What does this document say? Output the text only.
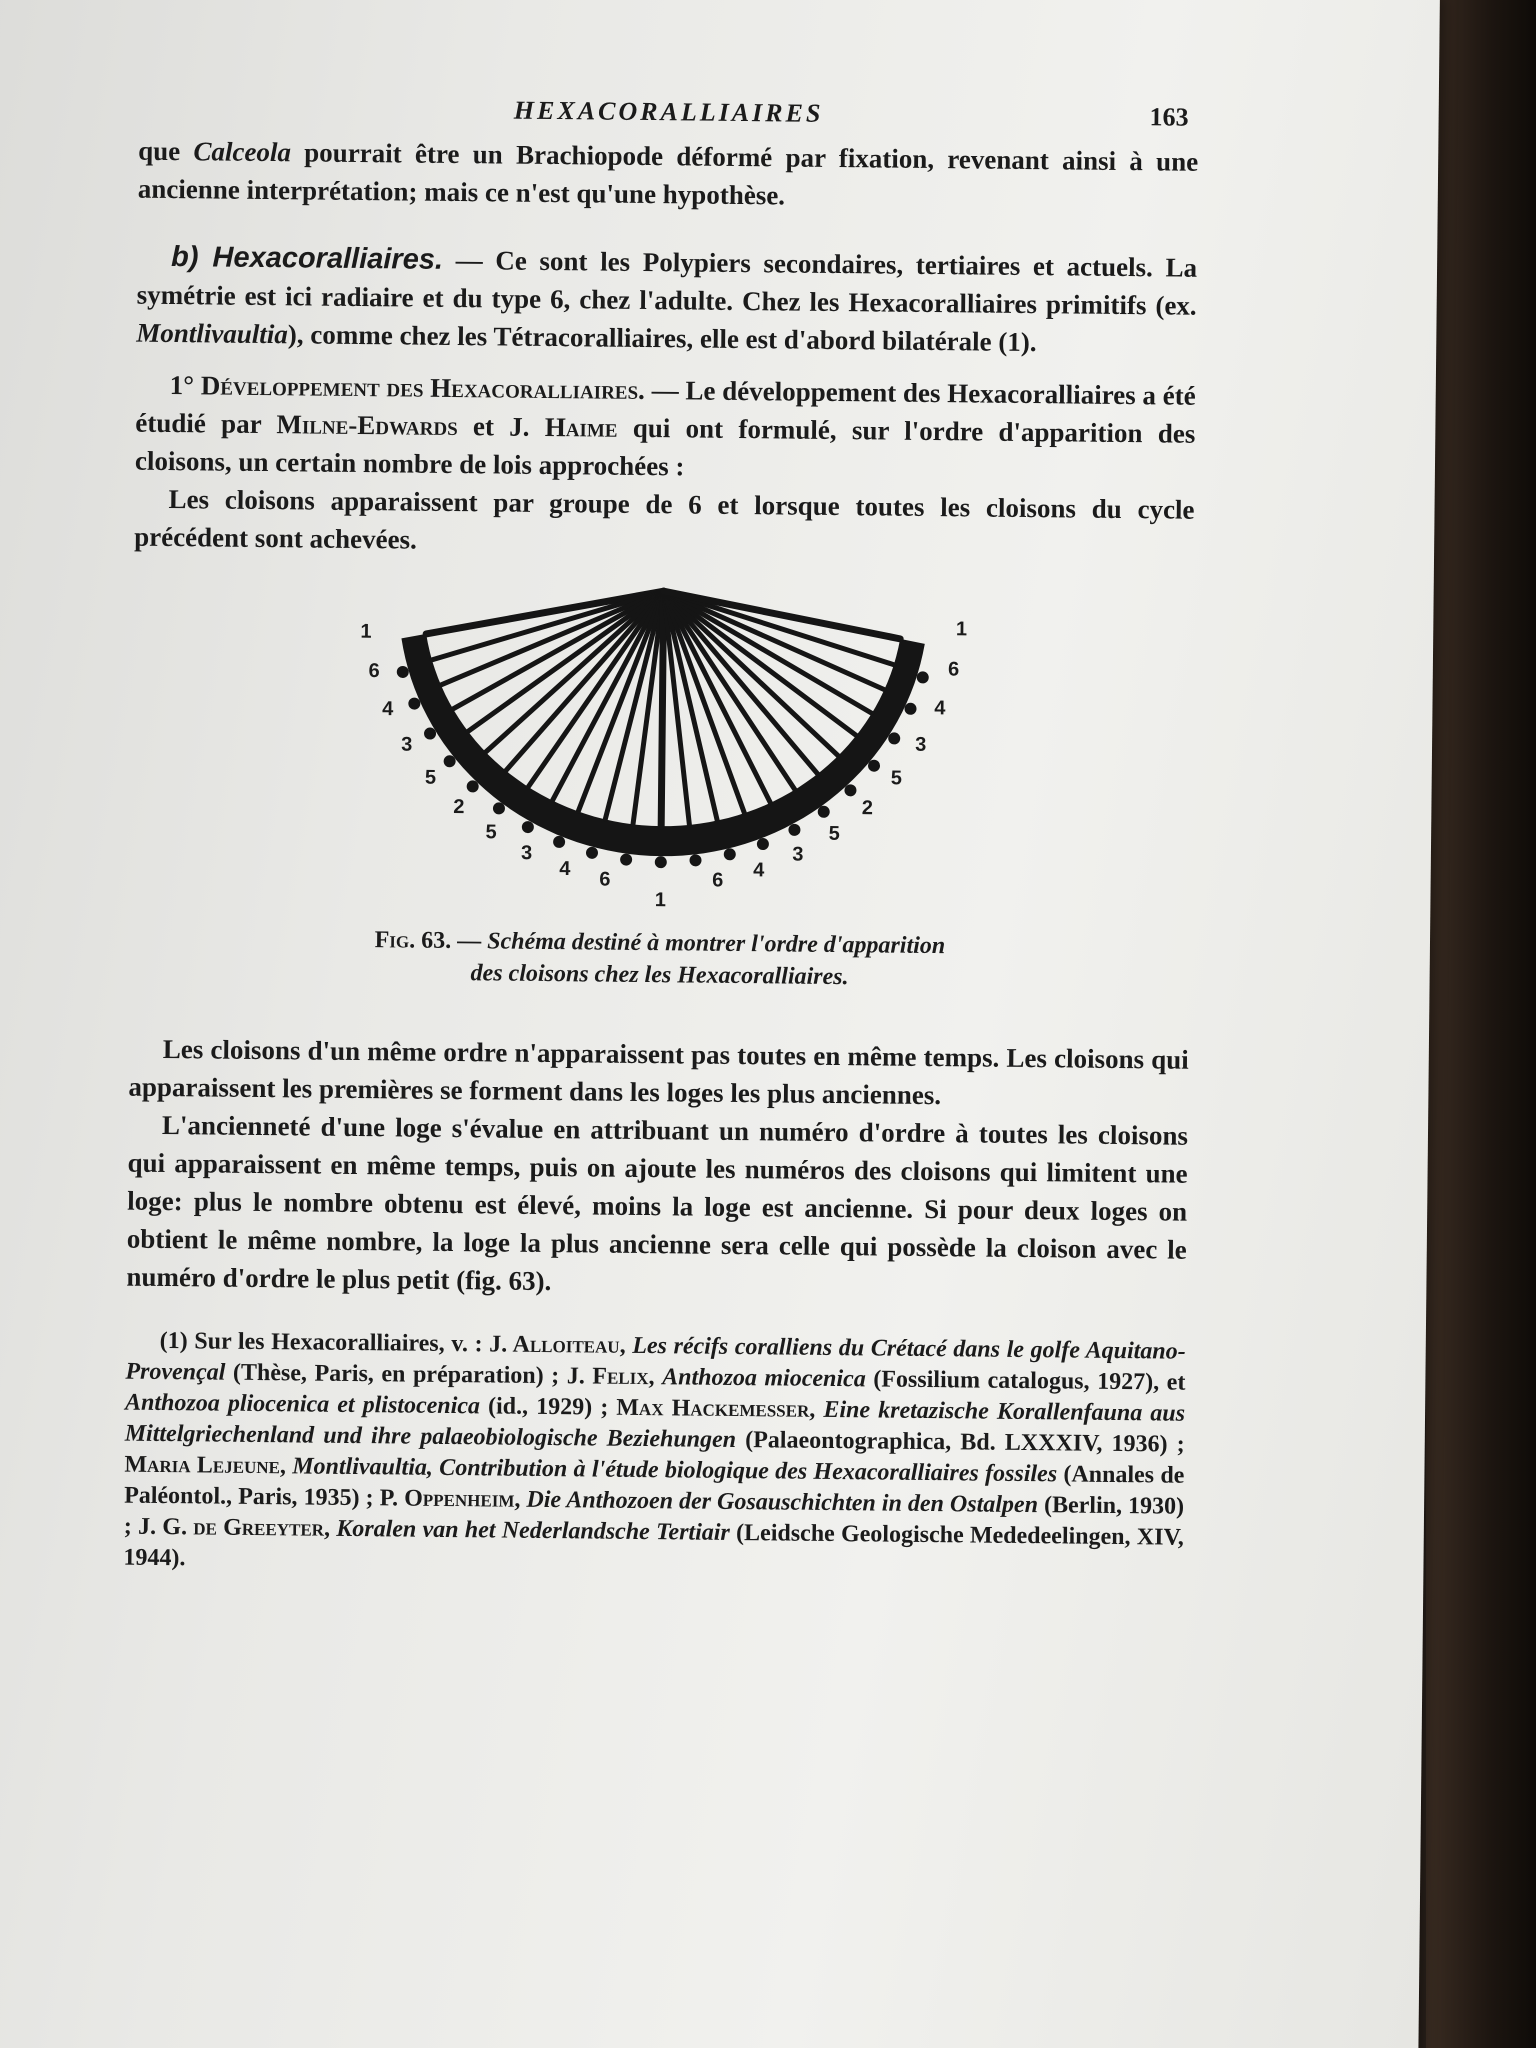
HEXACORALLIAIRES	163

que Calceola pourrait être un Brachiopode déformé par fixation, revenant ainsi à une ancienne interprétation; mais ce n'est qu'une hypothèse.

b) Hexacoralliaires. — Ce sont les Polypiers secondaires, tertiaires et actuels. La symétrie est ici radiaire et du type 6, chez l'adulte. Chez les Hexacoralliaires primitifs (ex. Montlivaultia), comme chez les Tétracoralliaires, elle est d'abord bilatérale (1).

1° Développement des Hexacoralliaires. — Le développement des Hexacoralliaires a été étudié par Milne-Edwards et J. Haime qui ont formulé, sur l'ordre d'apparition des cloisons, un certain nombre de lois approchées :

Les cloisons apparaissent par groupe de 6 et lorsque toutes les cloisons du cycle précédent sont achevées.

1
6
4
3
5
2
5
3
4 6	6 4
3
5
2
5
3
4
6
1
1
Fig. 63. — Schéma destiné à montrer l'ordre d'apparition
des cloisons chez les Hexacoralliaires.

Les cloisons d'un même ordre n'apparaissent pas toutes en même temps. Les cloisons qui apparaissent les premières se forment dans les loges les plus anciennes.

L'ancienneté d'une loge s'évalue en attribuant un numéro d'ordre à toutes les cloisons qui apparaissent en même temps, puis on ajoute les numéros des cloisons qui limitent une loge: plus le nombre obtenu est élevé, moins la loge est ancienne. Si pour deux loges on obtient le même nombre, la loge la plus ancienne sera celle qui possède la cloison avec le numéro d'ordre le plus petit (fig. 63).

(1) Sur les Hexacoralliaires, v. : J. Alloiteau, Les récifs coralliens du Crétacé dans le golfe Aquitano-Provençal (Thèse, Paris, en préparation) ; J. Felix, Anthozoa miocenica (Fossilium catalogus, 1927), et Anthozoa pliocenica et plistocenica (id., 1929) ; Max Hackemesser, Eine kretazische Korallenfauna aus Mittelgriechenland und ihre palaeobiologische Beziehungen (Palaeontographica, Bd. LXXXIV, 1936) ; Maria Lejeune, Montlivaultia, Contribution à l'étude biologique des Hexacoralliaires fossiles (Annales de Paléontol., Paris, 1935) ; P. Oppenheim, Die Anthozoen der Gosauschichten in den Ostalpen (Berlin, 1930) ; J. G. de Greeyter, Koralen van het Nederlandsche Tertiair (Leidsche Geologische Mededeelingen, XIV, 1944).
